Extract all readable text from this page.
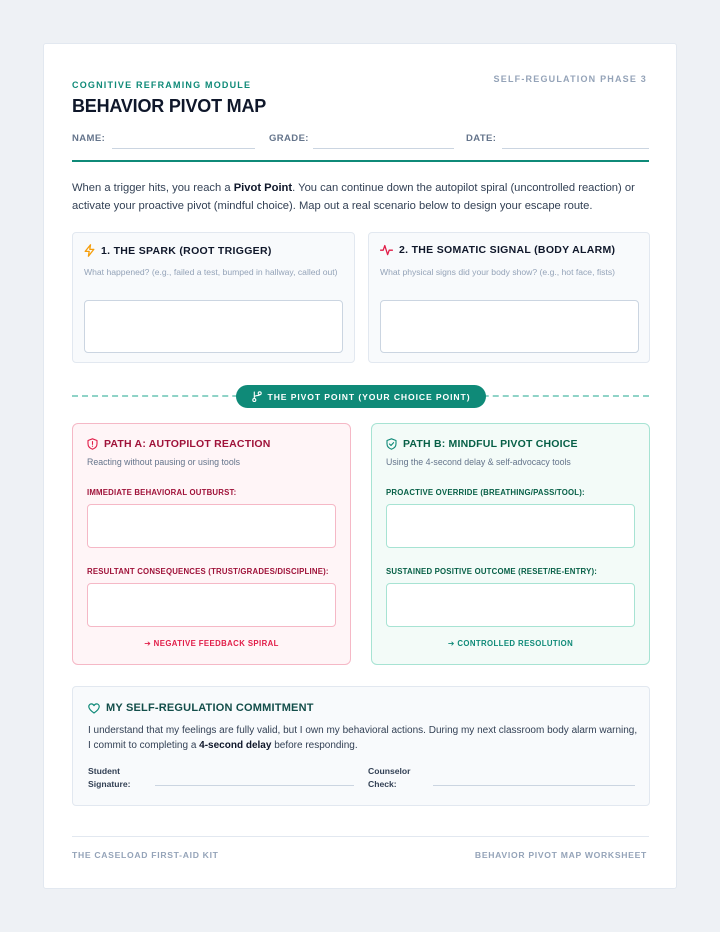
COGNITIVE REFRAMING MODULE
SELF-REGULATION PHASE 3
BEHAVIOR PIVOT MAP
NAME:	GRADE:	DATE:
When a trigger hits, you reach a Pivot Point. You can continue down the autopilot spiral (uncontrolled reaction) or activate your proactive pivot (mindful choice). Map out a real scenario below to design your escape route.
1. THE SPARK (ROOT TRIGGER)
What happened? (e.g., failed a test, bumped in hallway, called out)
2. THE SOMATIC SIGNAL (BODY ALARM)
What physical signs did your body show? (e.g., hot face, fists)
THE PIVOT POINT (YOUR CHOICE POINT)
PATH A: AUTOPILOT REACTION
Reacting without pausing or using tools
IMMEDIATE BEHAVIORAL OUTBURST:
RESULTANT CONSEQUENCES (TRUST/GRADES/DISCIPLINE):
➔ NEGATIVE FEEDBACK SPIRAL
PATH B: MINDFUL PIVOT CHOICE
Using the 4-second delay & self-advocacy tools
PROACTIVE OVERRIDE (BREATHING/PASS/TOOL):
SUSTAINED POSITIVE OUTCOME (RESET/RE-ENTRY):
➔ CONTROLLED RESOLUTION
MY SELF-REGULATION COMMITMENT
I understand that my feelings are fully valid, but I own my behavioral actions. During my next classroom body alarm warning, I commit to completing a 4-second delay before responding.
Student
Signature:
Counselor
Check:
THE CASELOAD FIRST-AID KIT	BEHAVIOR PIVOT MAP WORKSHEET
